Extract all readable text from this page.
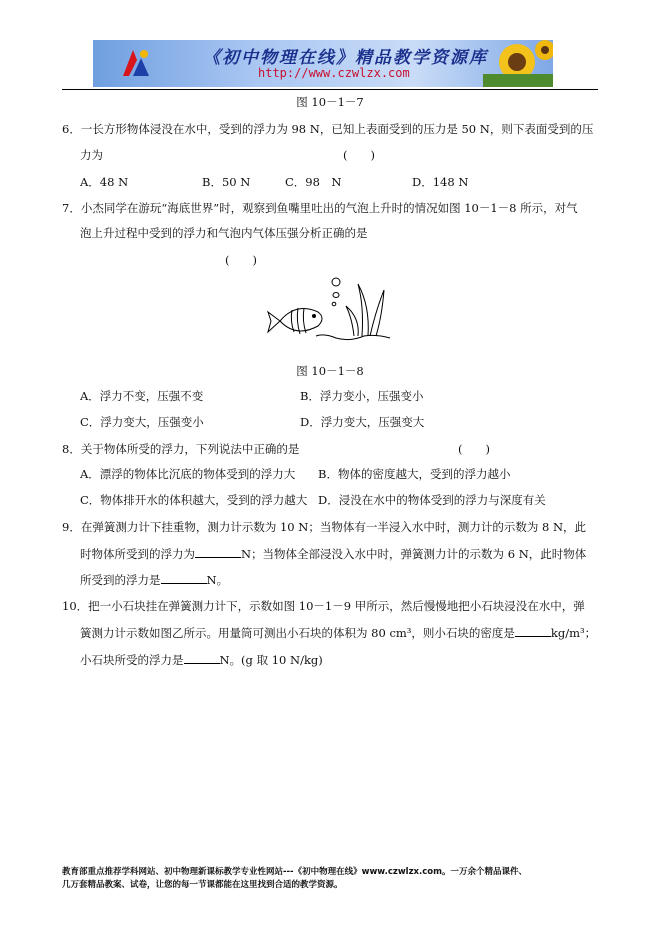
《初中物理在线》精品教学资源库
http://www.czwlzx.com
图 10－1－7
6．一长方形物体浸没在水中，受到的浮力为 98 N，已知上表面受到的压力是 50 N，则下表面受到的压
力为	(　　)
A．48 N	B．50 N	C．98　N	D．148 N
7．小杰同学在游玩“海底世界”时，观察到鱼嘴里吐出的气泡上升时的情况如图 10－1－8 所示，对气
泡上升过程中受到的浮力和气泡内气体压强分析正确的是
(　　)
图 10－1－8
A．浮力不变，压强不变	B．浮力变小，压强变小
C．浮力变大，压强变小	D．浮力变大，压强变大
8．关于物体所受的浮力，下列说法中正确的是	(　　)
A．漂浮的物体比沉底的物体受到的浮力大 B．物体的密度越大，受到的浮力越小
C．物体排开水的体积越大，受到的浮力越大 D．浸没在水中的物体受到的浮力与深度有关
9．在弹簧测力计下挂重物，测力计示数为 10 N；当物体有一半浸入水中时，测力计的示数为 8 N，此
时物体所受到的浮力为	N；当物体全部浸没入水中时，弹簧测力计的示数为 6 N，此时物体
所受到的浮力是	N。
10．把一小石块挂在弹簧测力计下，示数如图 10－1－9 甲所示，然后慢慢地把小石块浸没在水中，弹
簧测力计示数如图乙所示。用量筒可测出小石块的体积为 80 cm³，则小石块的密度是	kg/m³；
小石块所受的浮力是	N。(g 取 10 N/kg)
教育部重点推荐学科网站、初中物理新课标教学专业性网站---《初中物理在线》www.czwlzx.com。一万余个精品课件、
几万套精品教案、试卷，让您的每一节课都能在这里找到合适的教学资源。
